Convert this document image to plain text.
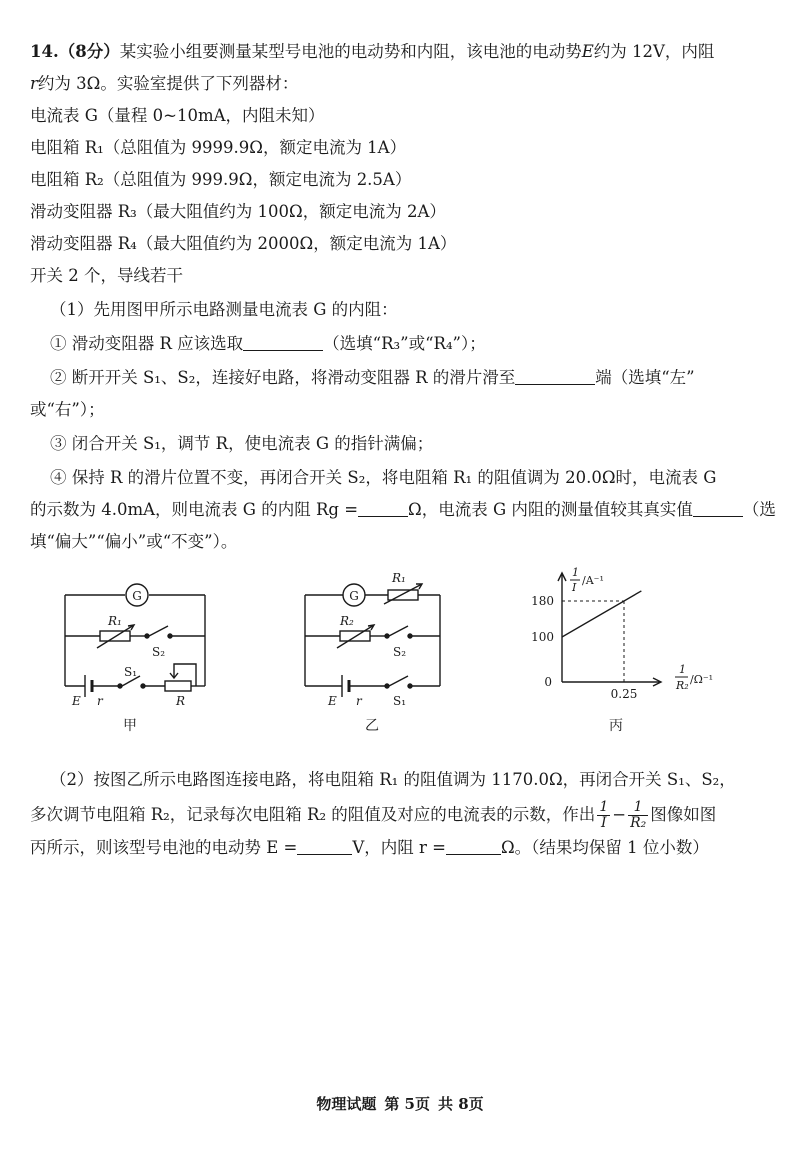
14.（8分）某实验小组要测量某型号电池的电动势和内阻，该电池的电动势E约为 12V，内阻
r约为 3Ω。实验室提供了下列器材：
电流表 G（量程 0~10mA，内阻未知）
电阻箱 R₁（总阻值为 9999.9Ω，额定电流为 1A）
电阻箱 R₂（总阻值为 999.9Ω，额定电流为 2.5A）
滑动变阻器 R₃（最大阻值约为 100Ω，额定电流为 2A）
滑动变阻器 R₄（最大阻值约为 2000Ω，额定电流为 1A）
开关 2 个，导线若干
（1）先用图甲所示电路测量电流表 G 的内阻：
① 滑动变阻器 R 应该选取	（选填“R₃”或“R₄”）；
② 断开开关 S₁、S₂，连接好电路，将滑动变阻器 R 的滑片滑至	端（选填“左”
或“右”）；
③ 闭合开关 S₁，调节 R，使电流表 G 的指针满偏；
④ 保持 R 的滑片位置不变，再闭合开关 S₂，将电阻箱 R₁ 的阻值调为 20.0Ω时，电流表 G
的示数为 4.0mA，则电流表 G 的内阻 Rg =	Ω，电流表 G 内阻的测量值较其真实值	（选
填“偏大”“偏小”或“不变”）。
100
180
0.25
G
R₁
S₂
E r
S₁
R
甲
G
R₁
R₂
S₂
E r	S₁
乙
1
I
/A⁻¹
0
1
R₂ /Ω⁻¹
丙
（2）按图乙所示电路图连接电路，将电阻箱 R₁ 的阻值调为 1170.0Ω，再闭合开关 S₁、S₂，
多次调节电阻箱 R₂，记录每次电阻箱 R₂ 的阻值及对应的电流表的示数，作出 $\frac{1}{I} - \frac{1}{\text{R₂}}$ 图像如图
丙所示，则该型号电池的电动势 E =	V，内阻 r =	Ω。（结果均保留 1 位小数）
物理试题 第 5页 共 8页
